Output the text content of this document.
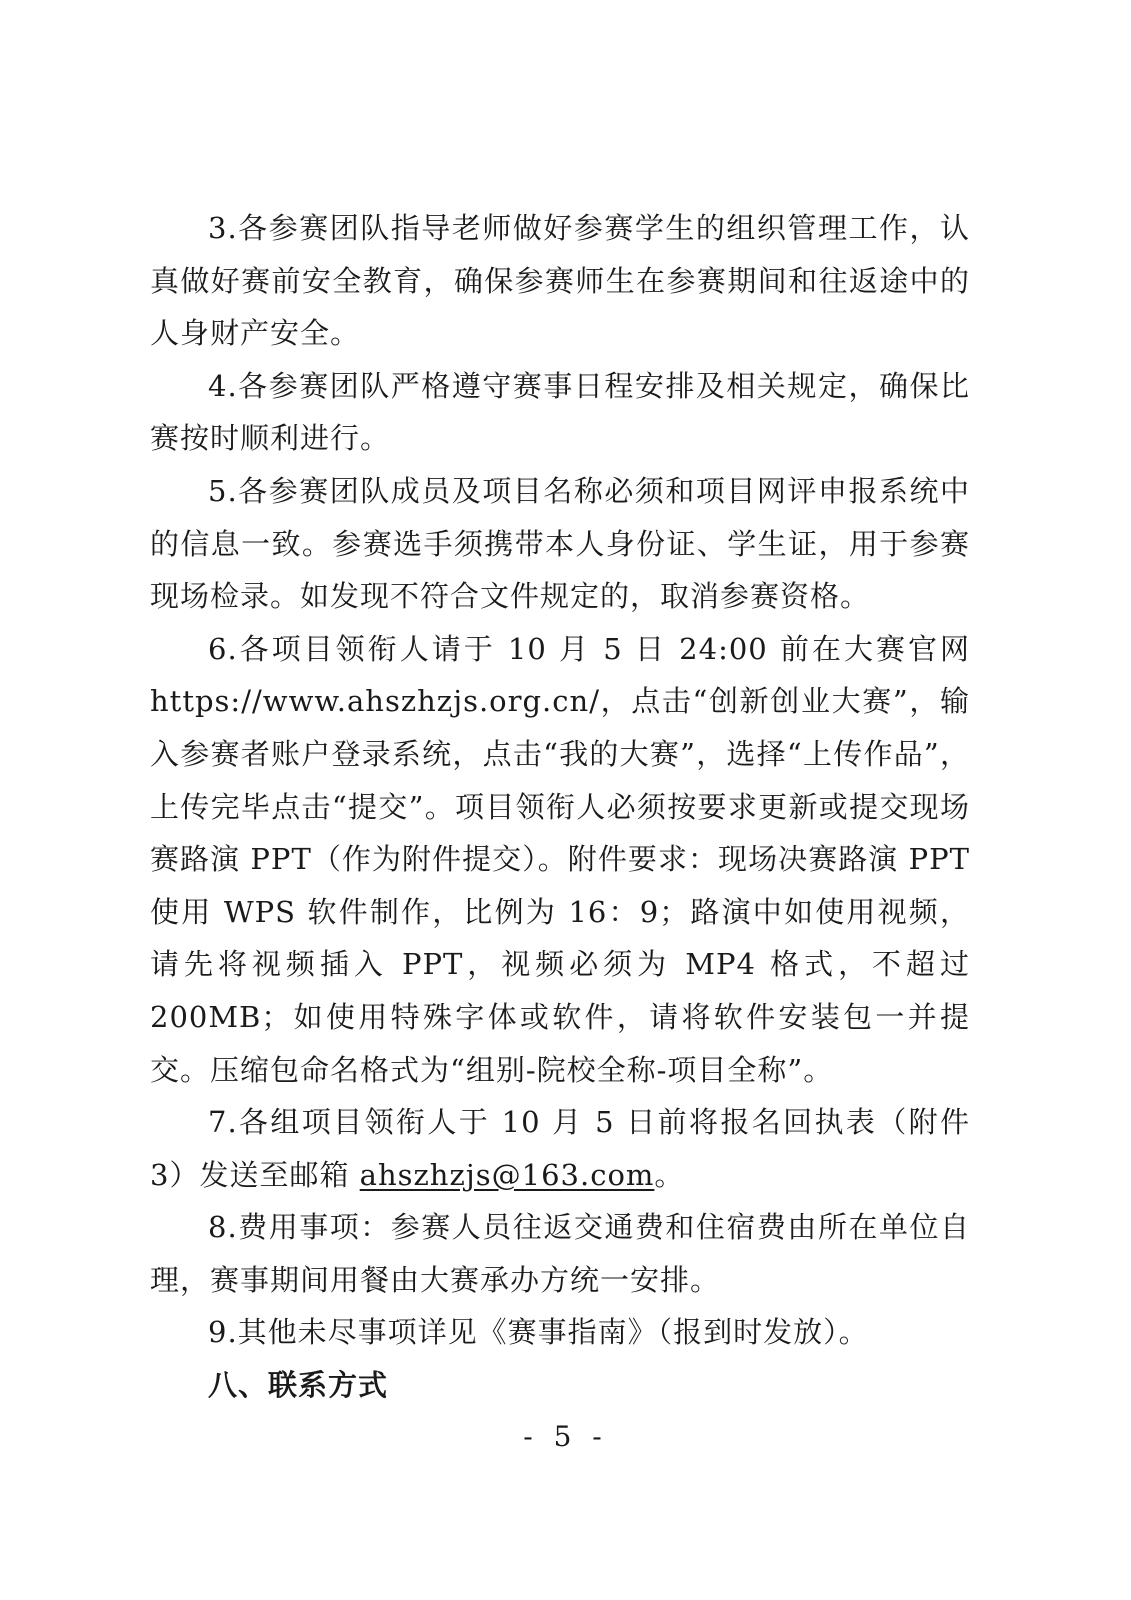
3.各参赛团队指导老师做好参赛学生的组织管理工作，认真做好赛前安全教育，确保参赛师生在参赛期间和往返途中的人身财产安全。

4.各参赛团队严格遵守赛事日程安排及相关规定，确保比赛按时顺利进行。

5.各参赛团队成员及项目名称必须和项目网评申报系统中的信息一致。参赛选手须携带本人身份证、学生证，用于参赛现场检录。如发现不符合文件规定的，取消参赛资格。

6.各项目领衔人请于 10 月 5 日 24:00 前在大赛官网 https://www.ahszhzjs.org.cn/，点击“创新创业大赛”，输入参赛者账户登录系统，点击“我的大赛”，选择“上传作品”，上传完毕点击“提交”。项目领衔人必须按要求更新或提交现场赛路演 PPT（作为附件提交）。附件要求：现场决赛路演 PPT 使用 WPS 软件制作，比例为 16：9；路演中如使用视频，请先将视频插入 PPT，视频必须为 MP4 格式，不超过 200MB；如使用特殊字体或软件，请将软件安装包一并提交。压缩包命名格式为“组别-院校全称-项目全称”。

7.各组项目领衔人于 10 月 5 日前将报名回执表（附件 3）发送至邮箱 ahszhzjs@163.com。

8.费用事项：参赛人员往返交通费和住宿费由所在单位自理，赛事期间用餐由大赛承办方统一安排。

9.其他未尽事项详见《赛事指南》（报到时发放）。

八、联系方式

- 5 -
